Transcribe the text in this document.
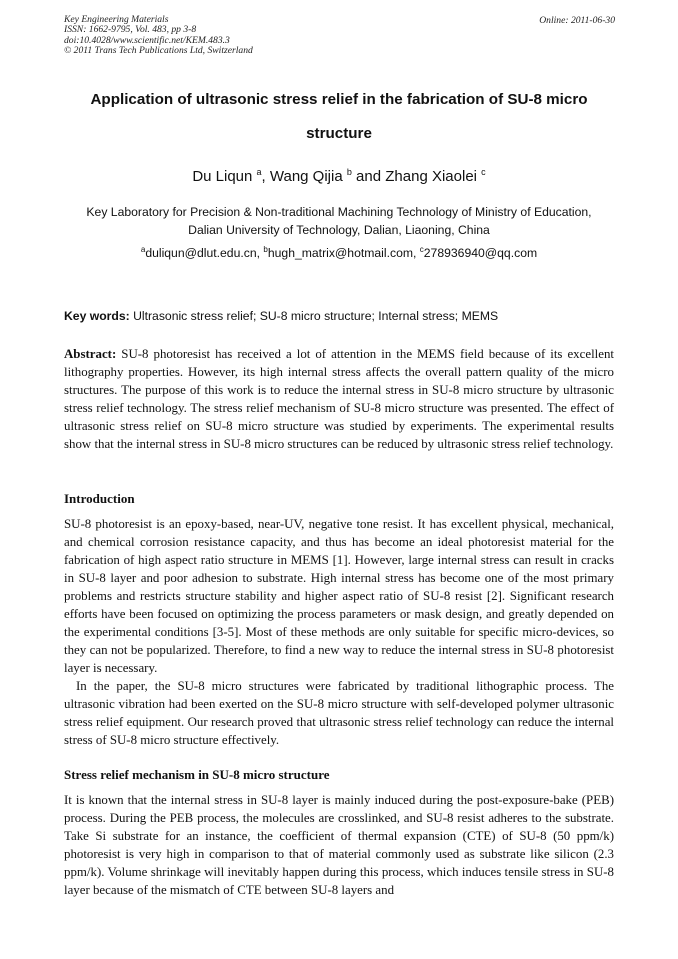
Key Engineering Materials
ISSN: 1662-9795, Vol. 483, pp 3-8
doi:10.4028/www.scientific.net/KEM.483.3
© 2011 Trans Tech Publications Ltd, Switzerland
Online: 2011-06-30
Application of ultrasonic stress relief in the fabrication of SU-8 micro
structure
Du Liqun $^a$, Wang Qijia $^b$ and Zhang Xiaolei $^c$
Key Laboratory for Precision & Non-traditional Machining Technology of Ministry of Education,
Dalian University of Technology, Dalian, Liaoning, China
$^a$duliqun@dlut.edu.cn, $^b$hugh_matrix@hotmail.com, $^c$278936940@qq.com
Key words: Ultrasonic stress relief; SU-8 micro structure; Internal stress; MEMS
Abstract: SU-8 photoresist has received a lot of attention in the MEMS field because of its excellent lithography properties. However, its high internal stress affects the overall pattern quality of the micro structures. The purpose of this work is to reduce the internal stress in SU-8 micro structure by ultrasonic stress relief technology. The stress relief mechanism of SU-8 micro structure was presented. The effect of ultrasonic stress relief on SU-8 micro structure was studied by experiments. The experimental results show that the internal stress in SU-8 micro structures can be reduced by ultrasonic stress relief technology.
Introduction
SU-8 photoresist is an epoxy-based, near-UV, negative tone resist. It has excellent physical, mechanical, and chemical corrosion resistance capacity, and thus has become an ideal photoresist material for the fabrication of high aspect ratio structure in MEMS [1]. However, large internal stress can result in cracks in SU-8 layer and poor adhesion to substrate. High internal stress has become one of the most primary problems and restricts structure stability and higher aspect ratio of SU-8 resist [2]. Significant research efforts have been focused on optimizing the process parameters or mask design, and greatly depended on the experimental conditions [3-5]. Most of these methods are only suitable for specific micro-devices, so they can not be popularized. Therefore, to find a new way to reduce the internal stress in SU-8 photoresist layer is necessary.
In the paper, the SU-8 micro structures were fabricated by traditional lithographic process. The ultrasonic vibration had been exerted on the SU-8 micro structure with self-developed polymer ultrasonic stress relief equipment. Our research proved that ultrasonic stress relief technology can reduce the internal stress of SU-8 micro structure effectively.
Stress relief mechanism in SU-8 micro structure
It is known that the internal stress in SU-8 layer is mainly induced during the post-exposure-bake (PEB) process. During the PEB process, the molecules are crosslinked, and SU-8 resist adheres to the substrate. Take Si substrate for an instance, the coefficient of thermal expansion (CTE) of SU-8 (50 ppm/k) photoresist is very high in comparison to that of material commonly used as substrate like silicon (2.3 ppm/k). Volume shrinkage will inevitably happen during this process, which induces tensile stress in SU-8 layer because of the mismatch of CTE between SU-8 layers and
